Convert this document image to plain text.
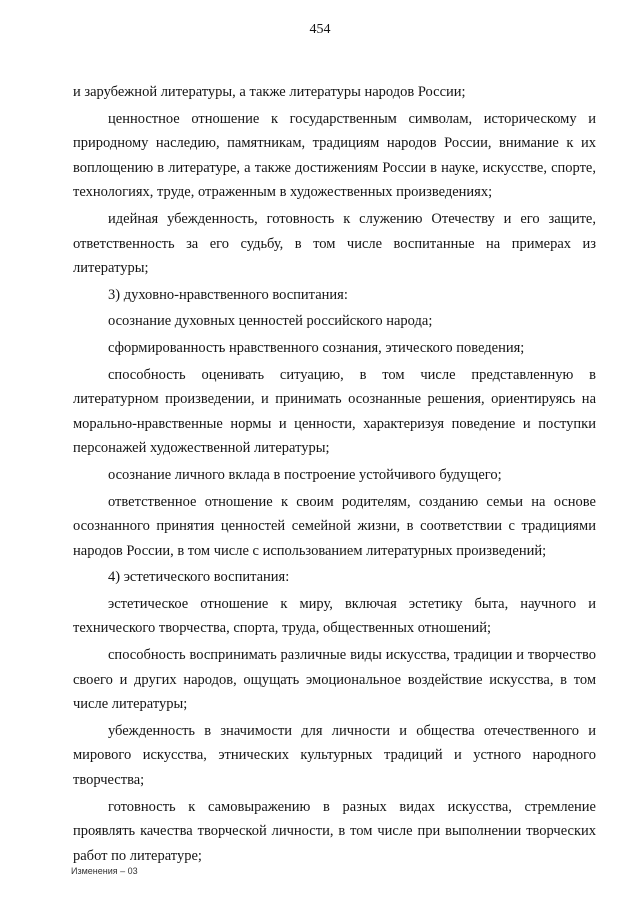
454

и зарубежной литературы, а также литературы народов России;

ценностное отношение к государственным символам, историческому и природному наследию, памятникам, традициям народов России, внимание к их воплощению в литературе, а также достижениям России в науке, искусстве, спорте, технологиях, труде, отраженным в художественных произведениях;

идейная убежденность, готовность к служению Отечеству и его защите, ответственность за его судьбу, в том числе воспитанные на примерах из литературы;

3) духовно-нравственного воспитания:

осознание духовных ценностей российского народа;

сформированность нравственного сознания, этического поведения;

способность оценивать ситуацию, в том числе представленную в литературном произведении, и принимать осознанные решения, ориентируясь на морально-нравственные нормы и ценности, характеризуя поведение и поступки персонажей художественной литературы;

осознание личного вклада в построение устойчивого будущего;

ответственное отношение к своим родителям, созданию семьи на основе осознанного принятия ценностей семейной жизни, в соответствии с традициями народов России, в том числе с использованием литературных произведений;

4) эстетического воспитания:

эстетическое отношение к миру, включая эстетику быта, научного и технического творчества, спорта, труда, общественных отношений;

способность воспринимать различные виды искусства, традиции и творчество своего и других народов, ощущать эмоциональное воздействие искусства, в том числе литературы;

убежденность в значимости для личности и общества отечественного и мирового искусства, этнических культурных традиций и устного народного творчества;

готовность к самовыражению в разных видах искусства, стремление проявлять качества творческой личности, в том числе при выполнении творческих работ по литературе;

Изменения – 03
